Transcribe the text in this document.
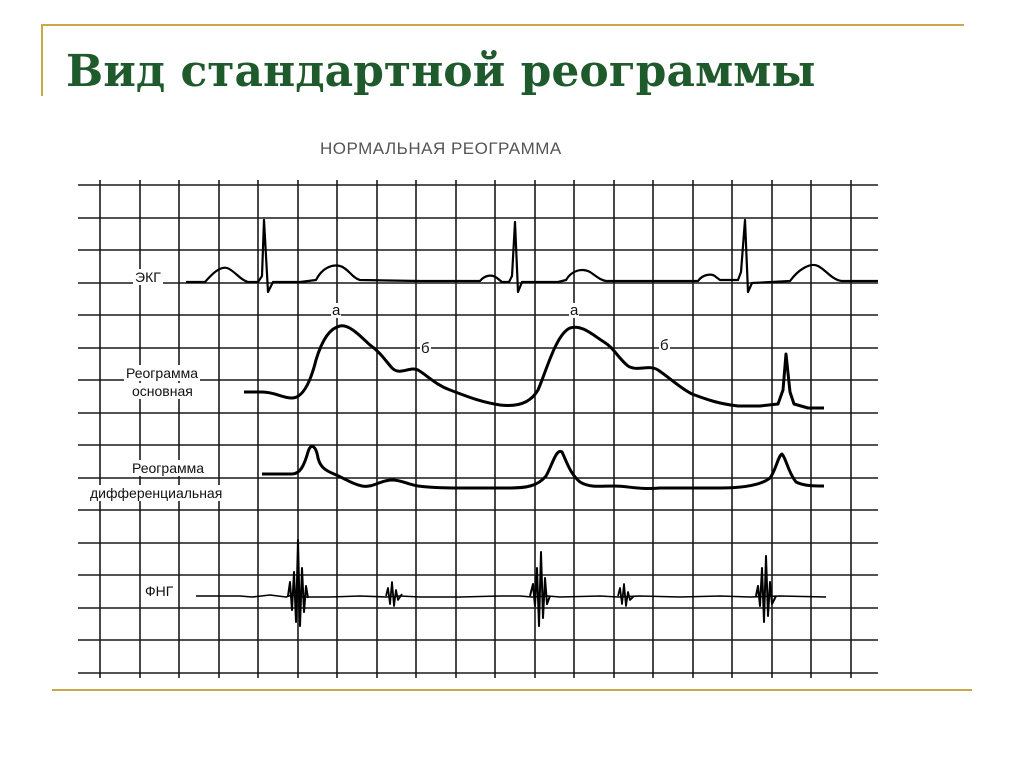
Вид стандартной реограммы
НОРМАЛЬНАЯ РЕОГРАММА
ЭКГ
Реограмма
основная
Реограмма
дифференциальная
ФНГ
а
б
а
б
